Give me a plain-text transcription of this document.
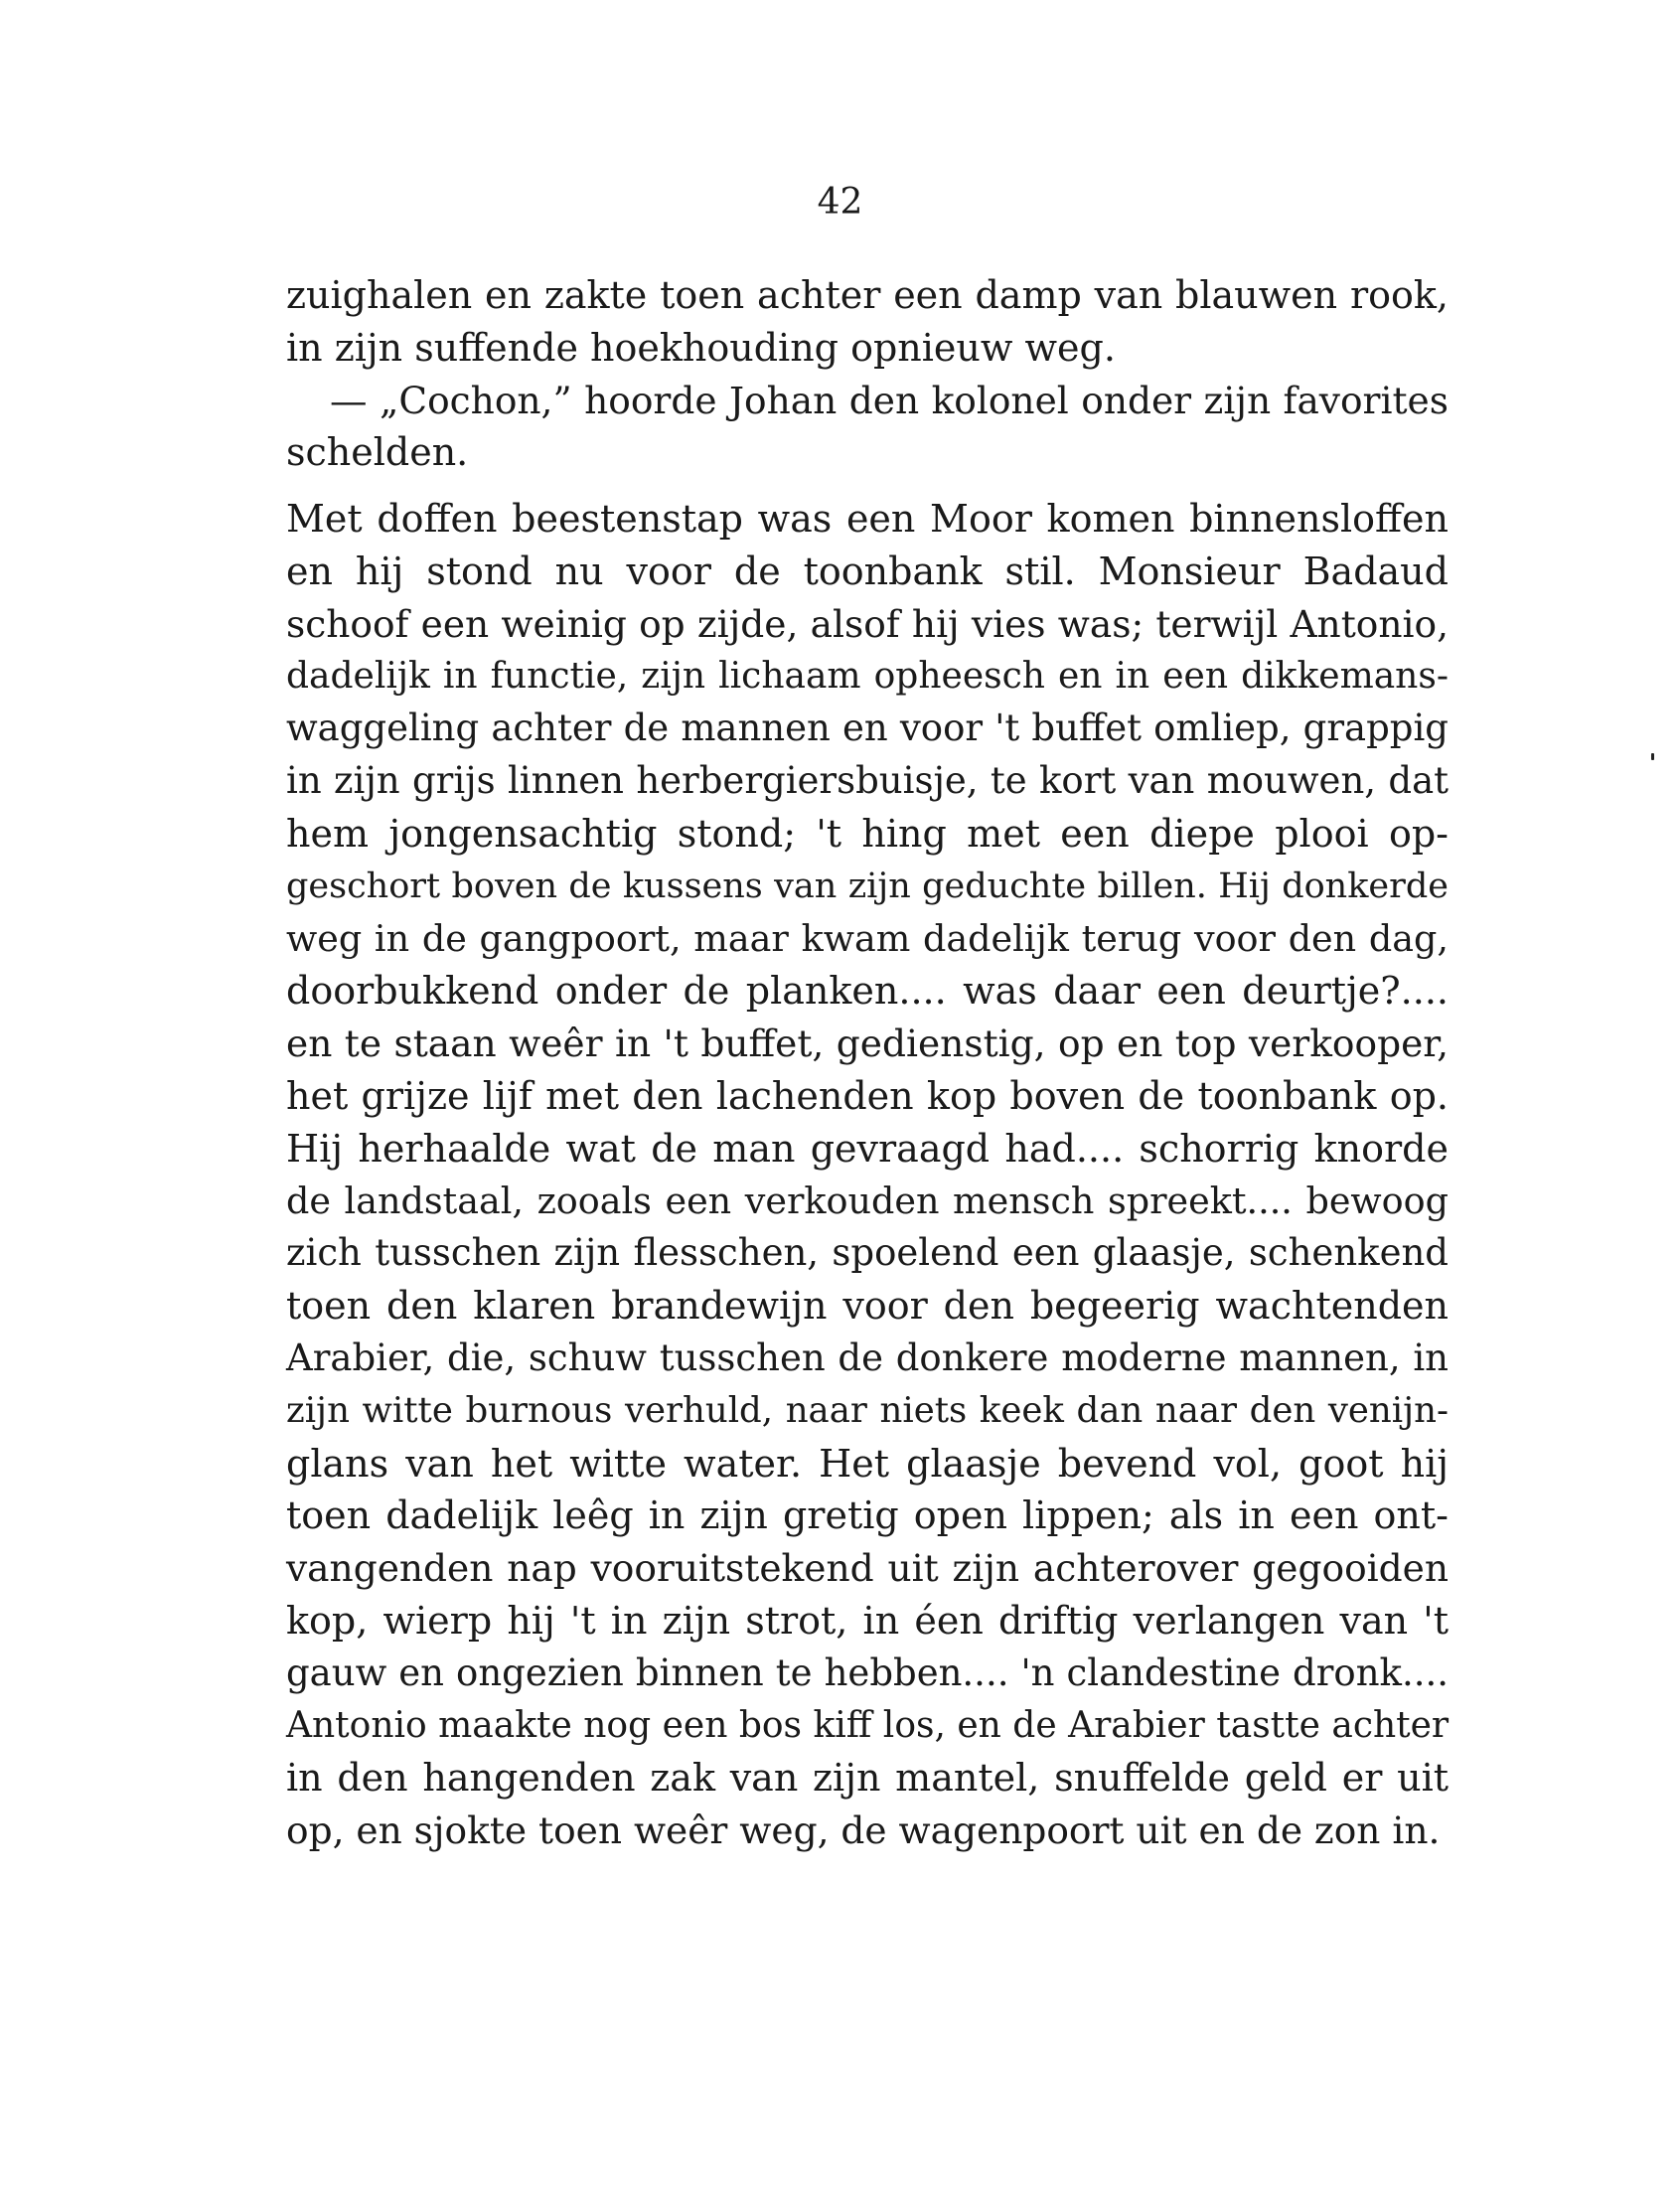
42
zuighalen en zakte toen achter een damp van blauwen rook,
in zijn suffende hoekhouding opnieuw weg.
— „Cochon,” hoorde Johan den kolonel onder zijn favorites
schelden.
Met doffen beestenstap was een Moor komen binnensloffen
en hij stond nu voor de toonbank stil. Monsieur Badaud
schoof een weinig op zijde, alsof hij vies was; terwijl Antonio,
dadelijk in functie, zijn lichaam opheesch en in een dikkemans-
waggeling achter de mannen en voor 't buffet omliep, grappig
in zijn grijs linnen herbergiersbuisje, te kort van mouwen, dat
hem jongensachtig stond; 't hing met een diepe plooi op-
geschort boven de kussens van zijn geduchte billen. Hij donkerde
weg in de gangpoort, maar kwam dadelijk terug voor den dag,
doorbukkend onder de planken.... was daar een deurtje?....
en te staan weêr in 't buffet, gedienstig, op en top verkooper,
het grijze lijf met den lachenden kop boven de toonbank op.
Hij herhaalde wat de man gevraagd had.... schorrig knorde
de landstaal, zooals een verkouden mensch spreekt.... bewoog
zich tusschen zijn flesschen, spoelend een glaasje, schenkend
toen den klaren brandewijn voor den begeerig wachtenden
Arabier, die, schuw tusschen de donkere moderne mannen, in
zijn witte burnous verhuld, naar niets keek dan naar den venijn-
glans van het witte water. Het glaasje bevend vol, goot hij
toen dadelijk leêg in zijn gretig open lippen; als in een ont-
vangenden nap vooruitstekend uit zijn achterover gegooiden
kop, wierp hij 't in zijn strot, in éen driftig verlangen van 't
gauw en ongezien binnen te hebben.... 'n clandestine dronk....
Antonio maakte nog een bos kiff los, en de Arabier tastte achter
in den hangenden zak van zijn mantel, snuffelde geld er uit
op, en sjokte toen weêr weg, de wagenpoort uit en de zon in.
